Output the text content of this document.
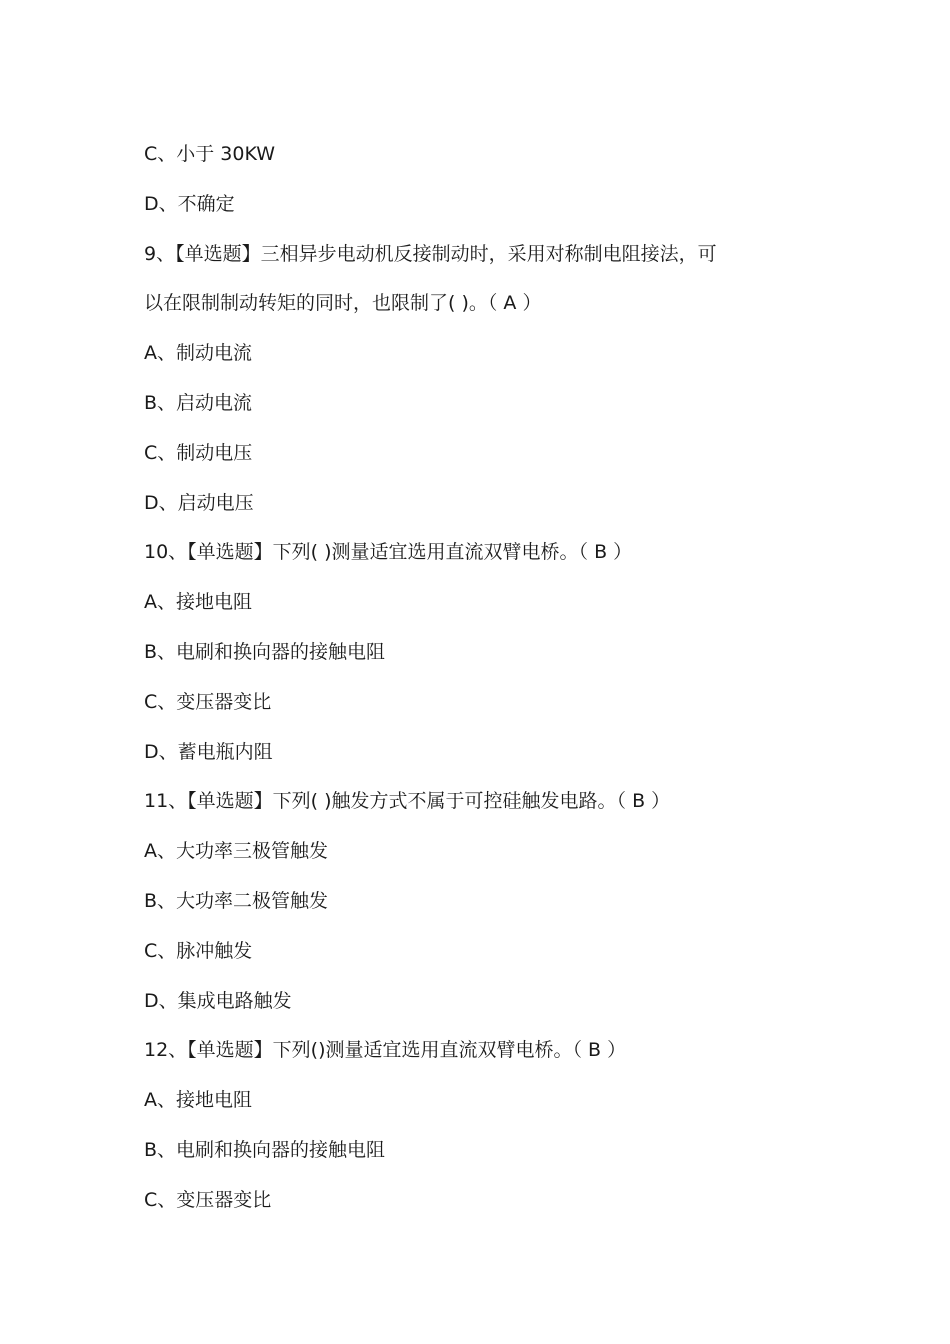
C、小于 30KW
D、不确定
9、【单选题】三相异步电动机反接制动时，采用对称制电阻接法，可
以在限制制动转矩的同时，也限制了( )。（ A ）
A、制动电流
B、启动电流
C、制动电压
D、启动电压
10、【单选题】下列( )测量适宜选用直流双臂电桥。（ B ）
A、接地电阻
B、电刷和换向器的接触电阻
C、变压器变比
D、蓄电瓶内阻
11、【单选题】下列( )触发方式不属于可控硅触发电路。（ B ）
A、大功率三极管触发
B、大功率二极管触发
C、脉冲触发
D、集成电路触发
12、【单选题】下列()测量适宜选用直流双臂电桥。（ B ）
A、接地电阻
B、电刷和换向器的接触电阻
C、变压器变比
